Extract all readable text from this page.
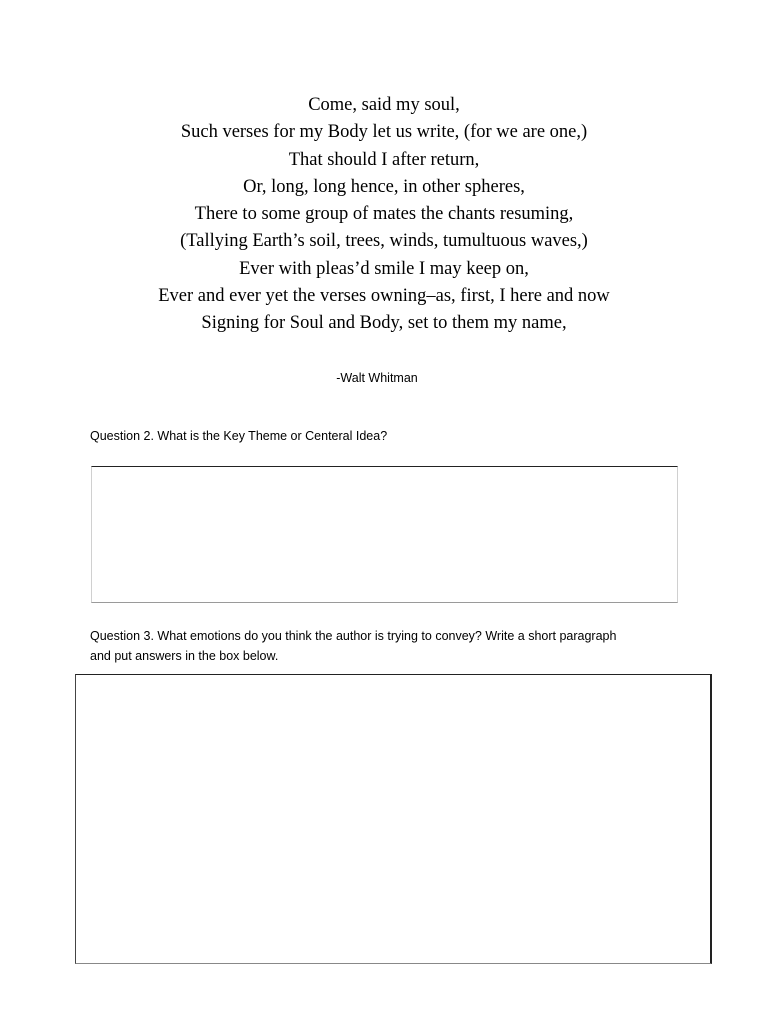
Come, said my soul,
Such verses for my Body let us write, (for we are one,)
That should I after return,
Or, long, long hence, in other spheres,
There to some group of mates the chants resuming,
(Tallying Earth’s soil, trees, winds, tumultuous waves,)
Ever with pleas’d smile I may keep on,
Ever and ever yet the verses owning–as, first, I here and now
Signing for Soul and Body, set to them my name,
-Walt Whitman
Question 2. What is the Key Theme or Centeral Idea?
Question 3. What emotions do you think the author is trying to convey? Write a short paragraph
and put answers in the box below.
